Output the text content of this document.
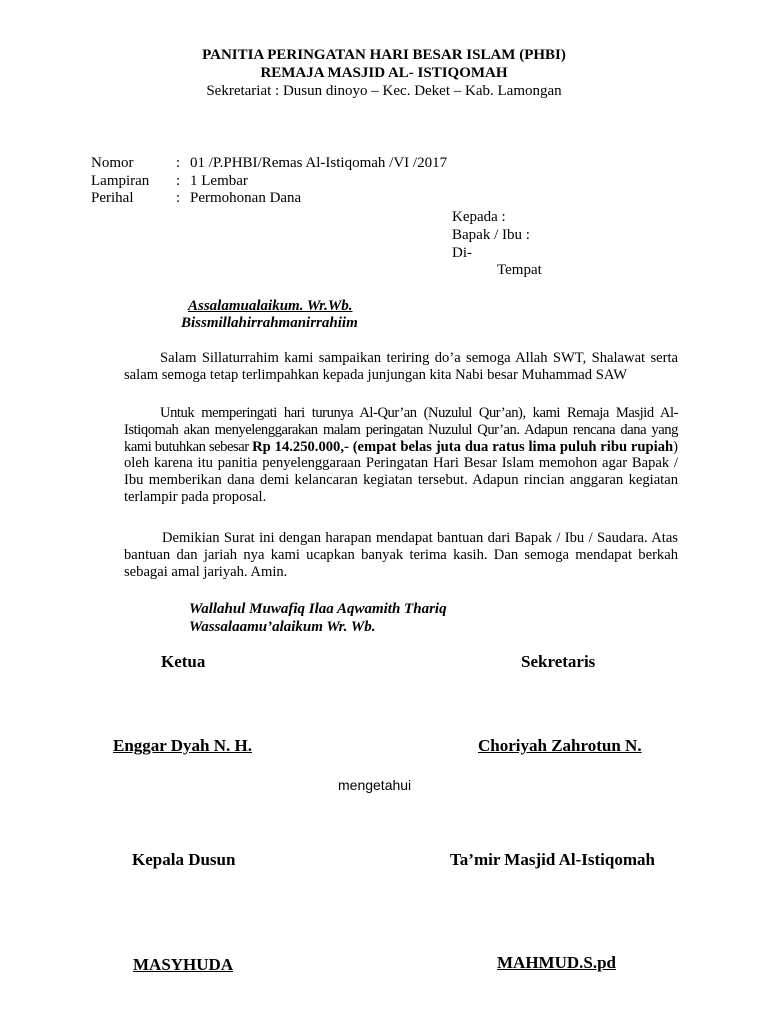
PANITIA PERINGATAN HARI BESAR ISLAM (PHBI)
REMAJA MASJID AL- ISTIQOMAH
Sekretariat : Dusun dinoyo – Kec. Deket – Kab. Lamongan
Nomor	: 01 /P.PHBI/Remas Al-Istiqomah /VI /2017
Lampiran : 1 Lembar
Perihal	: Permohonan Dana
Kepada :
Bapak / Ibu :
Di-
Tempat
Assalamualaikum. Wr.Wb.
Bissmillahirrahmanirrahiim
Salam Sillaturrahim kami sampaikan teriring do’a semoga Allah SWT, Shalawat serta salam semoga tetap terlimpahkan kepada junjungan kita Nabi besar Muhammad SAW
Untuk memperingati hari turunya Al-Qur’an (Nuzulul Qur’an), kami Remaja Masjid Al-Istiqomah akan menyelenggarakan malam peringatan Nuzulul Qur’an. Adapun rencana dana yang kami butuhkan sebesar Rp 14.250.000,- (empat belas juta dua ratus lima puluh ribu rupiah) oleh karena itu panitia penyelenggaraan Peringatan Hari Besar Islam memohon agar Bapak / Ibu memberikan dana demi kelancaran kegiatan tersebut. Adapun rincian anggaran kegiatan terlampir pada proposal.
Demikian Surat ini dengan harapan mendapat bantuan dari Bapak / Ibu / Saudara. Atas bantuan dan jariah nya kami ucapkan banyak terima kasih. Dan semoga mendapat berkah sebagai amal jariyah. Amin.
Wallahul Muwafiq Ilaa Aqwamith Thariq
Wassalaamu’alaikum Wr. Wb.
Ketua	Sekretaris
Enggar Dyah N. H.	Choriyah Zahrotun N.
mengetahui
Kepala Dusun	Ta’mir Masjid Al-Istiqomah
MASYHUDA	MAHMUD.S.pd
